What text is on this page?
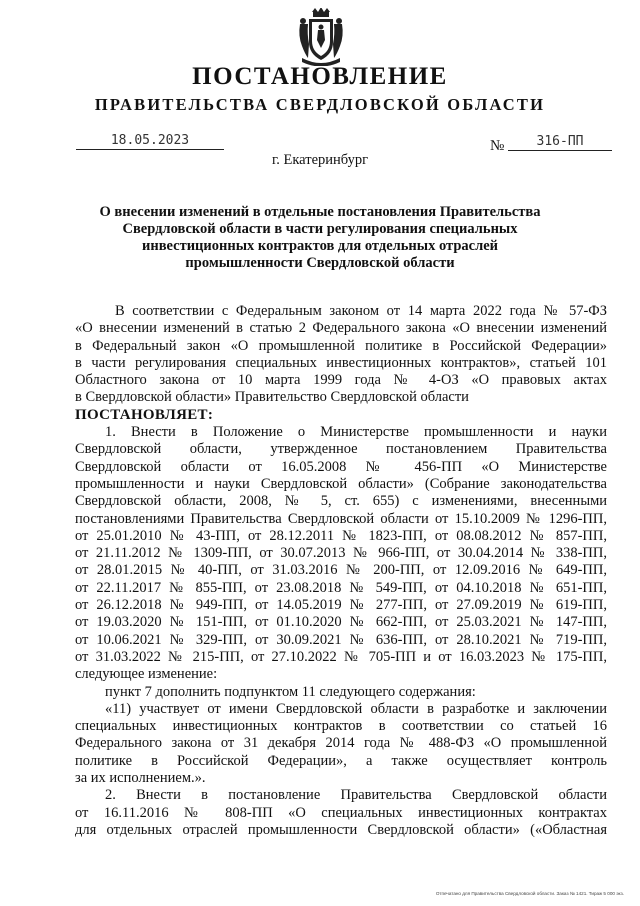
ПОСТАНОВЛЕНИЕ
ПРАВИТЕЛЬСТВА СВЕРДЛОВСКОЙ ОБЛАСТИ
18.05.2023	№	316-ПП
г. Екатеринбург
О внесении изменений в отдельные постановления Правительства
Свердловской области в части регулирования специальных
инвестиционных контрактов для отдельных отраслей
промышленности Свердловской области
В соответствии с Федеральным законом от 14 марта 2022 года № 57-ФЗ
«О внесении изменений в статью 2 Федерального закона «О внесении изменений
в Федеральный закон «О промышленной политике в Российской Федерации»
в части регулирования специальных инвестиционных контрактов», статьей 101
Областного закона от 10 марта 1999 года № 4-ОЗ «О правовых актах
в Свердловской области» Правительство Свердловской области
ПОСТАНОВЛЯЕТ:
1. Внести в Положение о Министерстве промышленности и науки
Свердловской области, утвержденное постановлением Правительства
Свердловской области от 16.05.2008 № 456-ПП «О Министерстве
промышленности и науки Свердловской области» (Собрание законодательства
Свердловской области, 2008, № 5, ст. 655) с изменениями, внесенными
постановлениями Правительства Свердловской области от 15.10.2009 № 1296-ПП,
от 25.01.2010 № 43-ПП, от 28.12.2011 № 1823-ПП, от 08.08.2012 № 857-ПП,
от 21.11.2012 № 1309-ПП, от 30.07.2013 № 966-ПП, от 30.04.2014 № 338-ПП,
от 28.01.2015 № 40-ПП, от 31.03.2016 № 200-ПП, от 12.09.2016 № 649-ПП,
от 22.11.2017 № 855-ПП, от 23.08.2018 № 549-ПП, от 04.10.2018 № 651-ПП,
от 26.12.2018 № 949-ПП, от 14.05.2019 № 277-ПП, от 27.09.2019 № 619-ПП,
от 19.03.2020 № 151-ПП, от 01.10.2020 № 662-ПП, от 25.03.2021 № 147-ПП,
от 10.06.2021 № 329-ПП, от 30.09.2021 № 636-ПП, от 28.10.2021 № 719-ПП,
от 31.03.2022 № 215-ПП, от 27.10.2022 № 705-ПП и от 16.03.2023 № 175-ПП,
следующее изменение:
пункт 7 дополнить подпунктом 11 следующего содержания:
«11) участвует от имени Свердловской области в разработке и заключении
специальных инвестиционных контрактов в соответствии со статьей 16
Федерального закона от 31 декабря 2014 года № 488-ФЗ «О промышленной
политике в Российской Федерации», а также осуществляет контроль
за их исполнением.».
2. Внести в постановление Правительства Свердловской области
от 16.11.2016 № 808-ПП «О специальных инвестиционных контрактах
для отдельных отраслей промышленности Свердловской области» («Областная
Отпечатано для Правительства Свердловской области. Заказ № 1421. Тираж 5 000 экз.
